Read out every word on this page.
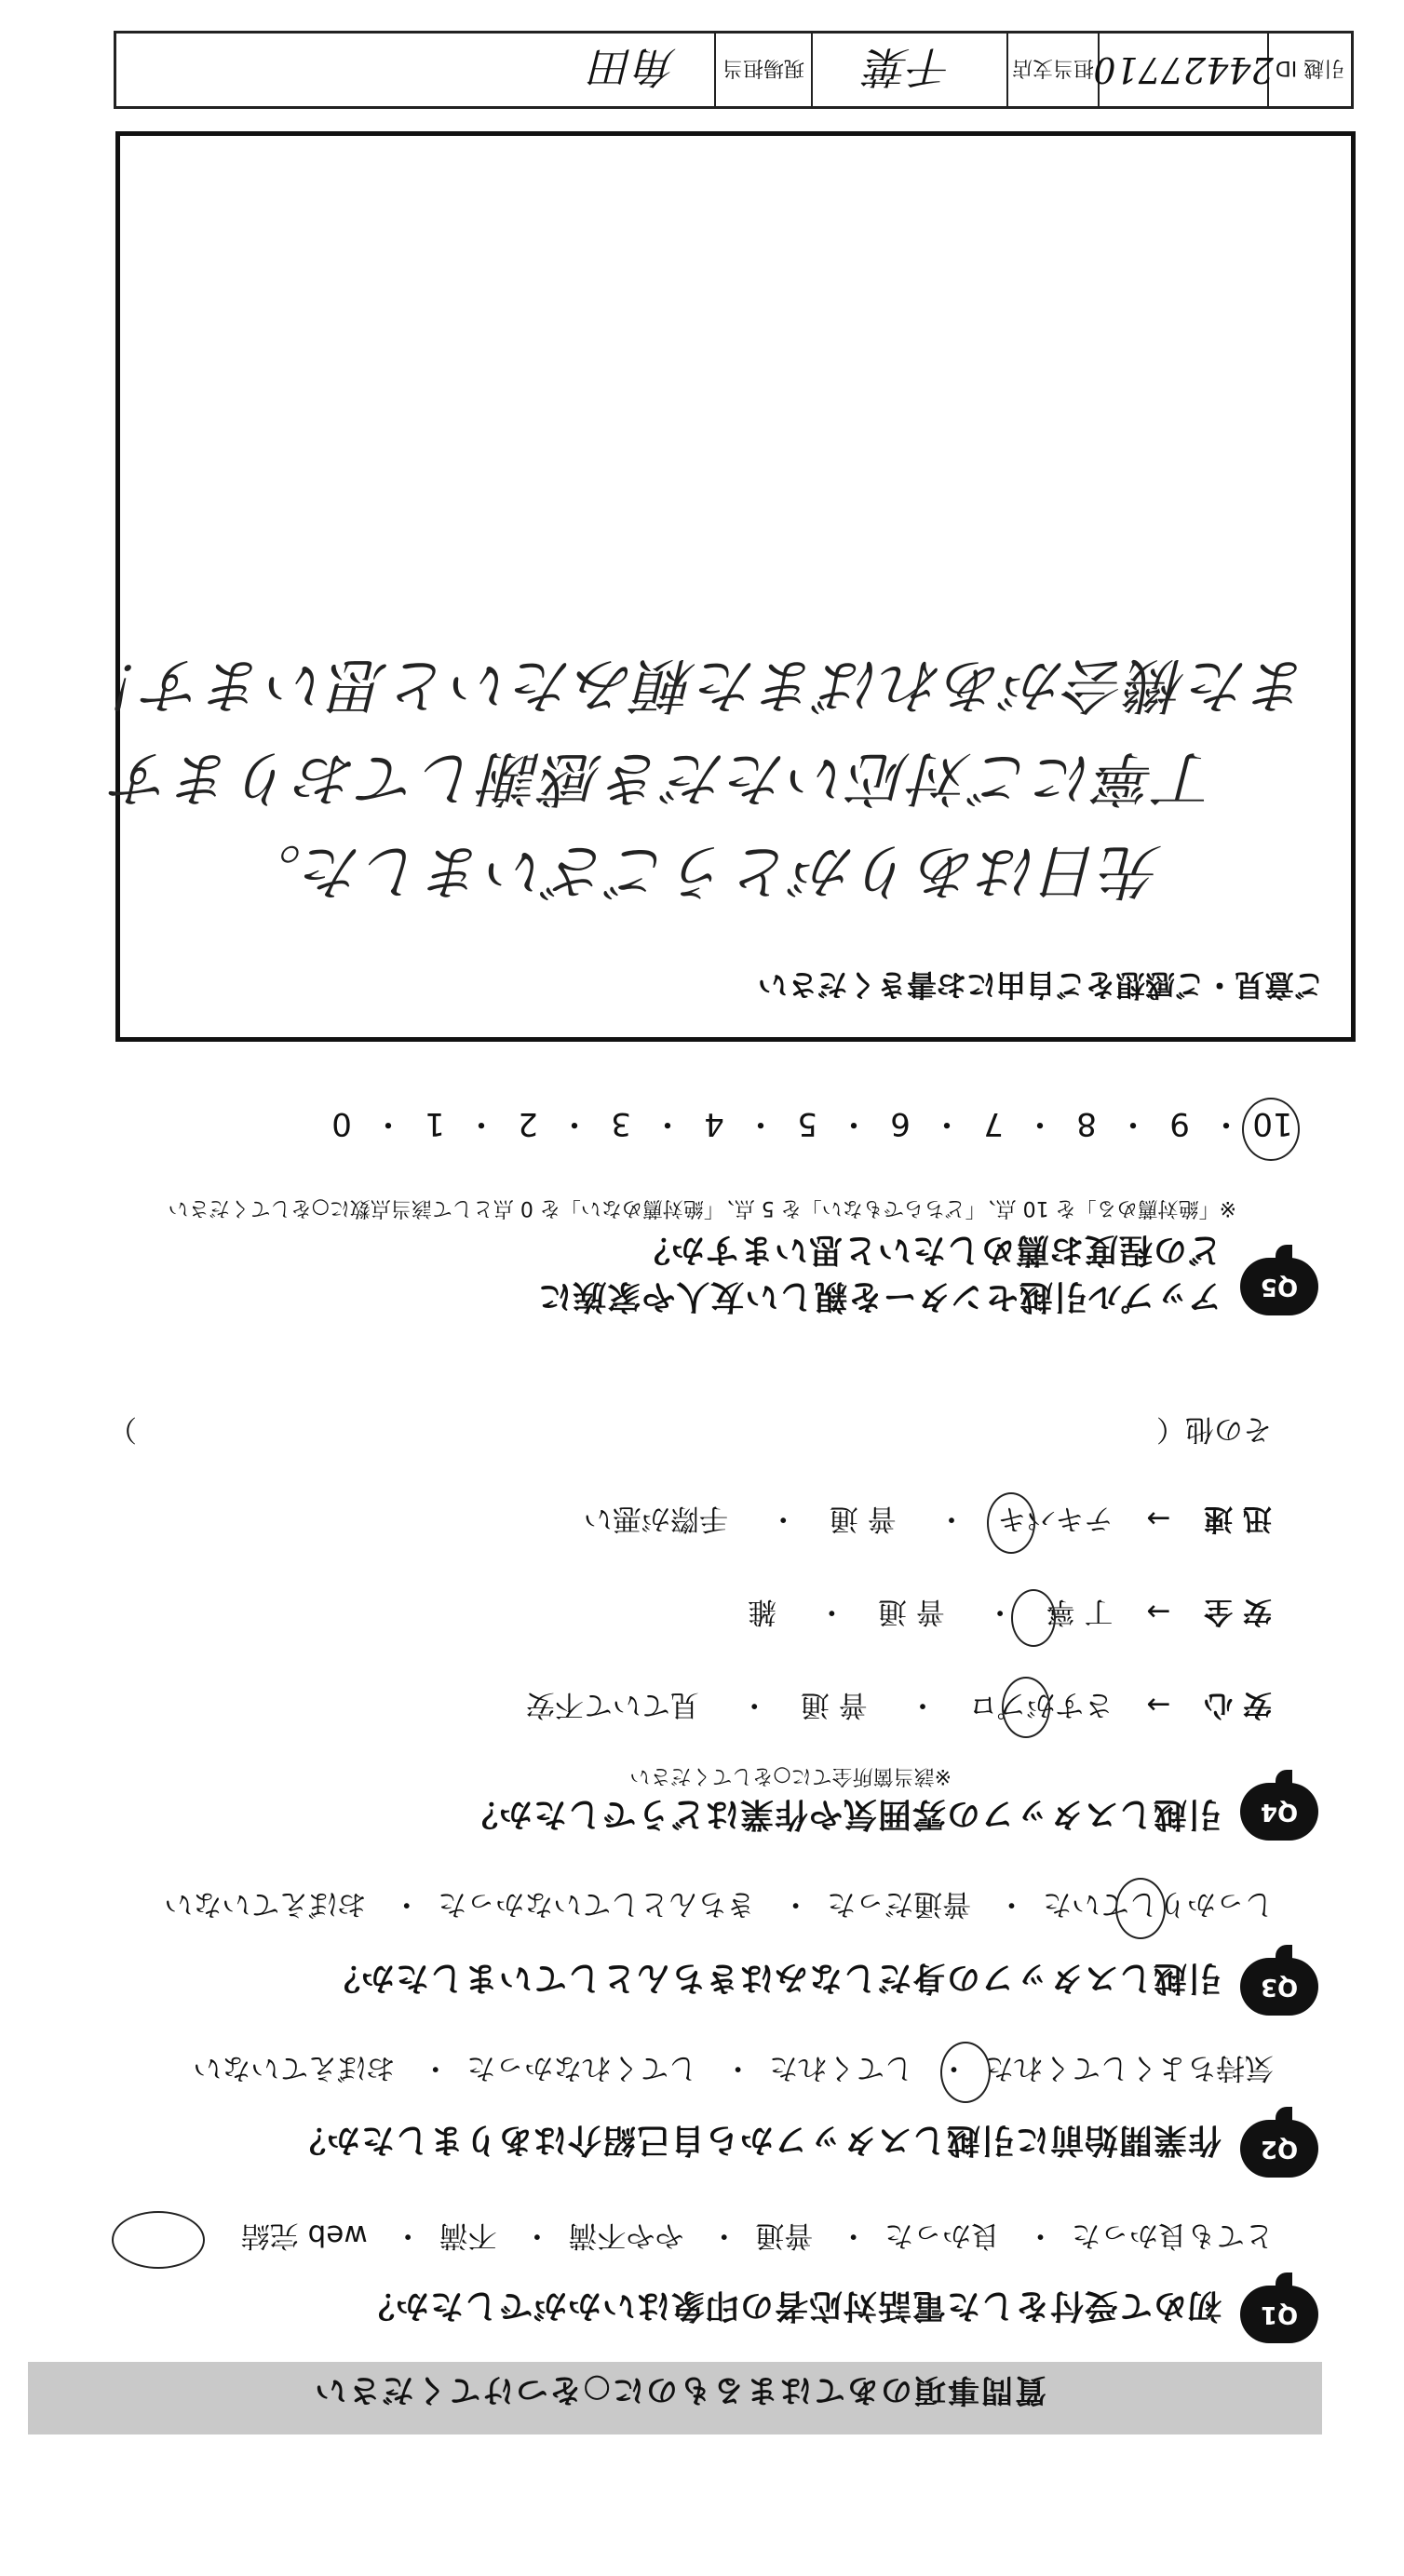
引越 ID
24427710
担当支店
千葉
現場担当
角田
質問事項のあてはまるものに○をつけてください
Q1
初めて受付をした電話対応者の印象はいかがでしたか？
とても良かった・ 良かった・ 普通・ やや不満・ 不満・ web 完結
Q2
作業開始前に引越しスタッフから自己紹介はありましたか？
気持ちよくしてくれた・ してくれた・ してくれなかった・ おぼえていない
Q3
引越しスタッフの身だしなみはきちんとしていましたか？
しっかりしていた・ 普通だった・ きちんとしていなかった・ おぼえていない
Q4
引越しスタッフの雰囲気や作業はどうでしたか？
※該当箇所全てに○をしてください
安 心 → さすがプロ・ 普 通・ 見ていて不安
安 全 → 丁 寧・ 普 通・ 雑
迅 速 → テキパキ・ 普 通・ 手際が悪い
その他（
）
Q5
アップル引越センターを親しい友人や家族に
どの程度お薦めしたいと思いますか？
※「絶対薦める」を 10 点、「どちらでもない」を 5 点、「絶対薦めない」を 0 点として該当点数に○をしてください
10・9・8・7・6・5・4・3・2・1・0
ご意見・ご感想をご自由にお書きください
先日はありがとうございました。
丁寧にご対応いただき感謝しております
また機会があればまた頼みたいと思います！
